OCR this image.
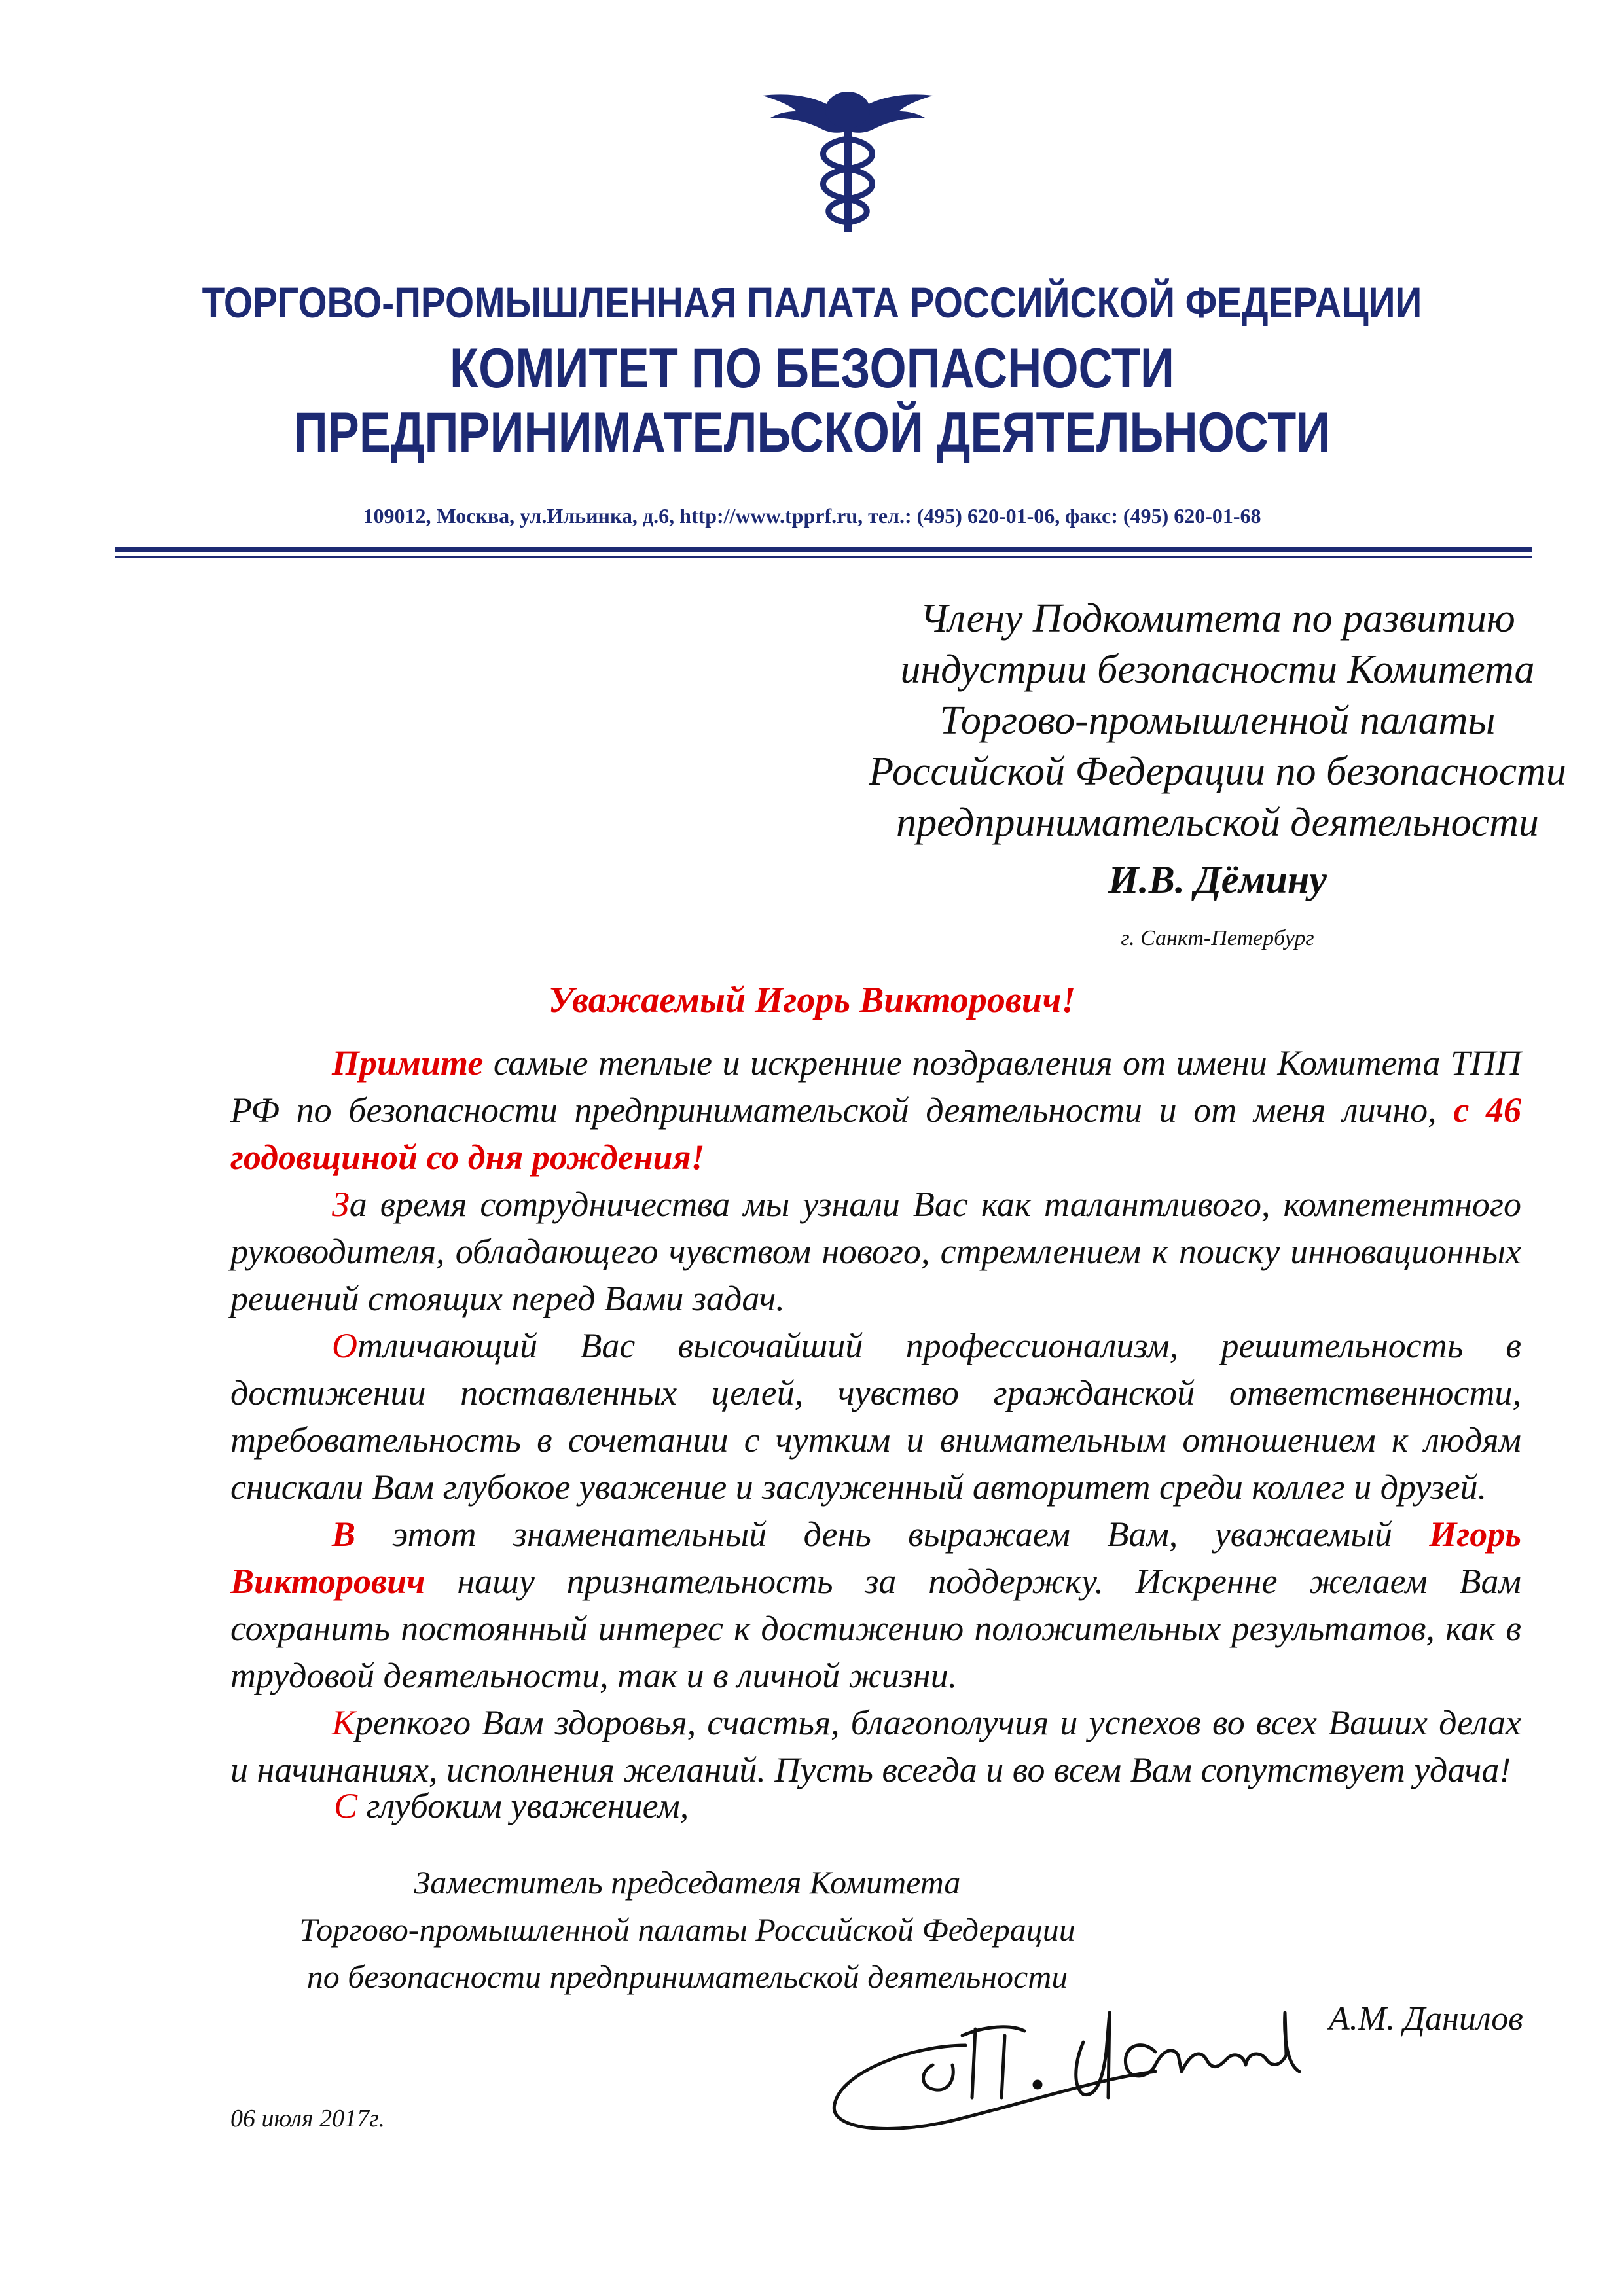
ТОРГОВО-ПРОМЫШЛЕННАЯ ПАЛАТА РОССИЙСКОЙ ФЕДЕРАЦИИ
КОМИТЕТ ПО БЕЗОПАСНОСТИ
ПРЕДПРИНИМАТЕЛЬСКОЙ ДЕЯТЕЛЬНОСТИ
109012, Москва, ул.Ильинка, д.6, http://www.tpprf.ru, тел.: (495) 620-01-06, факс: (495) 620-01-68
Члену Подкомитета по развитию
индустрии безопасности Комитета
Торгово-промышленной палаты
Российской Федерации по безопасности
предпринимательской деятельности
И.В. Дёмину
г. Санкт-Петербург
Уважаемый Игорь Викторович!

Примите самые теплые и искренние поздравления от имени Комитета ТПП РФ по безопасности предпринимательской деятельности и от меня лично, с 46 годовщиной со дня рождения!

За время сотрудничества мы узнали Вас как талантливого, компетентного руководителя, обладающего чувством нового, стремлением к поиску инновационных решений стоящих перед Вами задач.

Отличающий Вас высочайший профессионализм, решительность в достижении поставленных целей, чувство гражданской ответственности, требовательность в сочетании с чутким и внимательным отношением к людям снискали Вам глубокое уважение и заслуженный авторитет среди коллег и друзей.

В этот знаменательный день выражаем Вам, уважаемый Игорь Викторович нашу признательность за поддержку. Искренне желаем Вам сохранить постоянный интерес к достижению положительных результатов, как в трудовой деятельности, так и в личной жизни.

Крепкого Вам здоровья, счастья, благополучия и успехов во всех Ваших делах и начинаниях, исполнения желаний. Пусть всегда и во всем Вам сопутствует удача!

С глубоким уважением,
Заместитель председателя Комитета
Торгово-промышленной палаты Российской Федерации
по безопасности предпринимательской деятельности
А.М. Данилов
06 июля 2017г.
